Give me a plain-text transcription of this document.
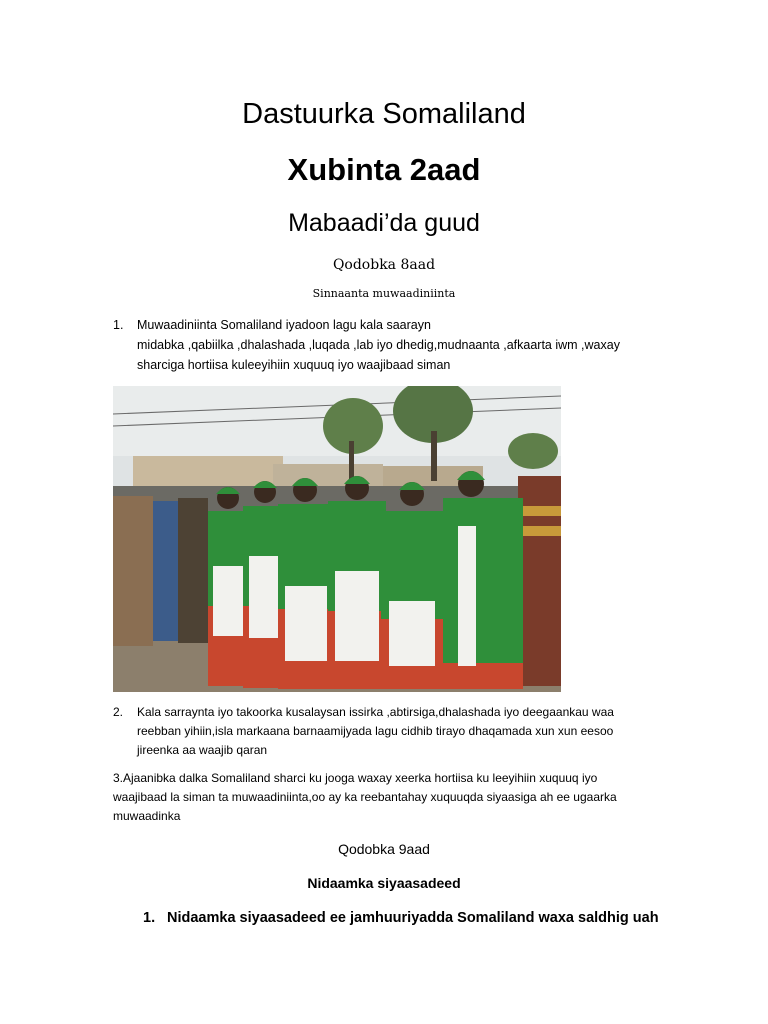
Dastuurka Somaliland
Xubinta 2aad
Mabaadi’da guud
Qodobka 8aad
Sinnaanta muwaadiniinta
1.	Muwaadiniinta Somaliland iyadoon lagu kala saarayn
midabka ,qabiilka ,dhalashada ,luqada ,lab iyo dhedig,mudnaanta ,afkaarta iwm ,waxay
sharciga hortiisa kuleeyihiin xuquuq iyo waajibaad siman
2.	Kala sarraynta iyo takoorka kusalaysan issirka ,abtirsiga,dhalashada iyo deegaankau waa
reebban yihiin,isla markaana barnaamijyada lagu cidhib tirayo dhaqamada xun xun eesoo
jireenka aa waajib qaran
3.Ajaanibka dalka Somaliland sharci ku jooga waxay xeerka hortiisa ku leeyihiin xuquuq iyo
waajibaad la siman ta muwaadiniinta,oo ay ka reebantahay xuquuqda siyaasiga ah ee ugaarka
muwaadinka
Qodobka 9aad
Nidaamka siyaasadeed
1. Nidaamka siyaasadeed ee jamhuuriyadda Somaliland waxa saldhig uah
